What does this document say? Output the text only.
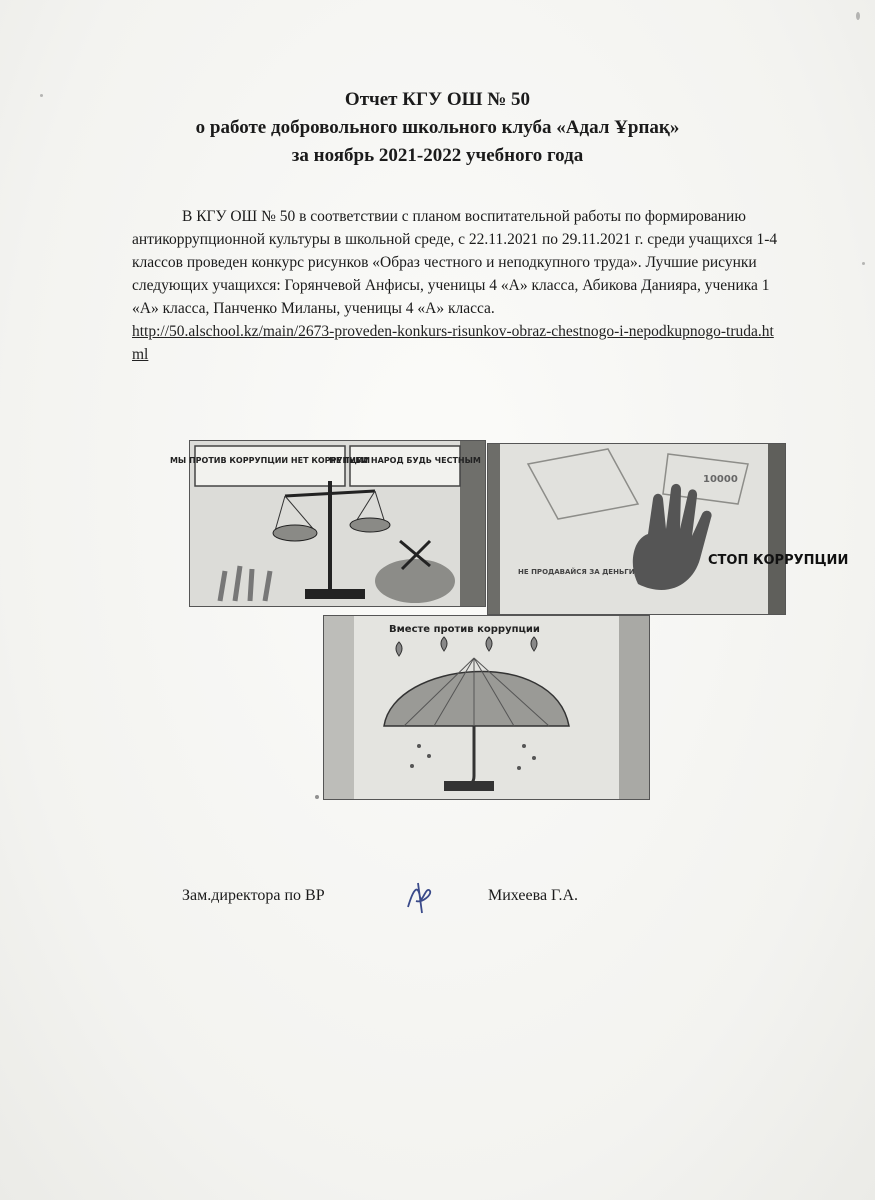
Отчет КГУ ОШ № 50
о работе добровольного школьного клуба «Адал Ұрпақ»
за ноябрь 2021-2022 учебного года

В КГУ ОШ № 50 в соответствии с планом воспитательной работы по формированию антикоррупционной культуры в школьной среде, с 22.11.2021 по 29.11.2021 г. среди учащихся 1-4 классов проведен конкурс рисунков «Образ честного и неподкупного труда». Лучшие рисунки следующих учащихся: Горянчевой Анфисы, ученицы 4 «А» класса, Абикова Данияра, ученика 1 «А» класса, Панченко Миланы, ученицы 4 «А» класса.

http://50.alschool.kz/main/2673-proveden-konkurs-risunkov-obraz-chestnogo-i-nepodkupnogo-truda.html
МЫ ПРОТИВ КОРРУПЦИИ НЕТ КОРРУПЦИИ
НЕ ГУБИ НАРОД БУДЬ ЧЕСТНЫМ
10000
СТОП КОРРУПЦИИ
НЕ ПРОДАВАЙСЯ ЗА ДЕНЬГИ
Вместе против коррупции
Зам.директора по ВР	Михеева Г.А.
